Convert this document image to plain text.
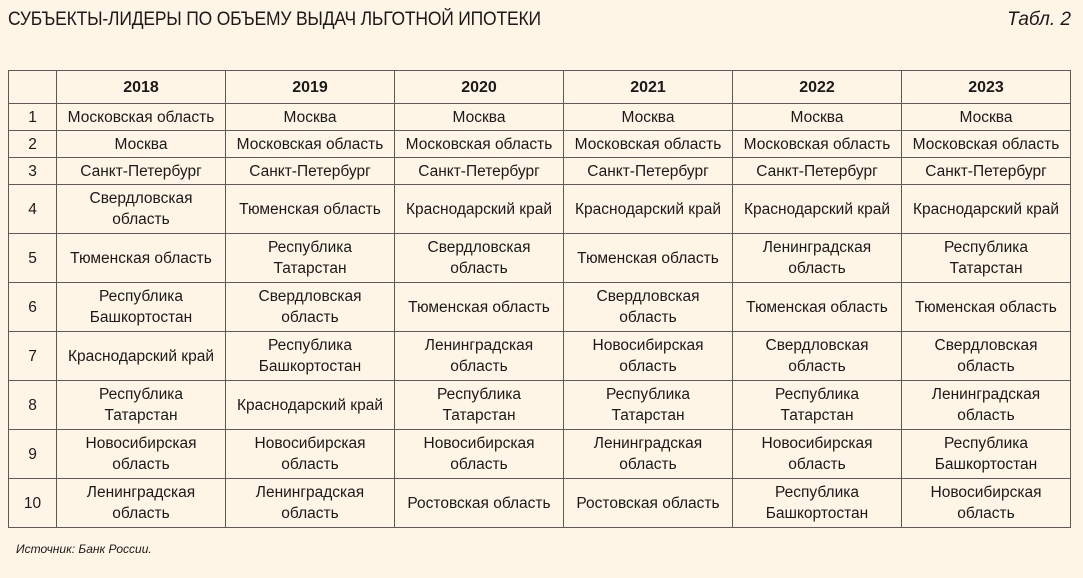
СУБЪЕКТЫ-ЛИДЕРЫ ПО ОБЪЕМУ ВЫДАЧ ЛЬГОТНОЙ ИПОТЕКИ	Табл. 2
	2018	2019	2020	2021	2022	2023
1	Московская область	Москва	Москва	Москва	Москва	Москва
2	Москва	Московская область	Московская область	Московская область	Московская область	Московская область
3	Санкт-Петербург	Санкт-Петербург	Санкт-Петербург	Санкт-Петербург	Санкт-Петербург	Санкт-Петербург
4	Свердловская область	Тюменская область	Краснодарский край	Краснодарский край	Краснодарский край	Краснодарский край
5	Тюменская область	Республика Татарстан	Свердловская область	Тюменская область	Ленинградская область	Республика Татарстан
6	Республика Башкортостан	Свердловская область	Тюменская область	Свердловская область	Тюменская область	Тюменская область
7	Краснодарский край	Республика Башкортостан	Ленинградская область	Новосибирская область	Свердловская область	Свердловская область
8	Республика Татарстан	Краснодарский край	Республика Татарстан	Республика Татарстан	Республика Татарстан	Ленинградская область
9	Новосибирская область	Новосибирская область	Новосибирская область	Ленинградская область	Новосибирская область	Республика Башкортостан
10	Ленинградская область	Ленинградская область	Ростовская область	Ростовская область	Республика Башкортостан	Новосибирская область
Источник: Банк России.
